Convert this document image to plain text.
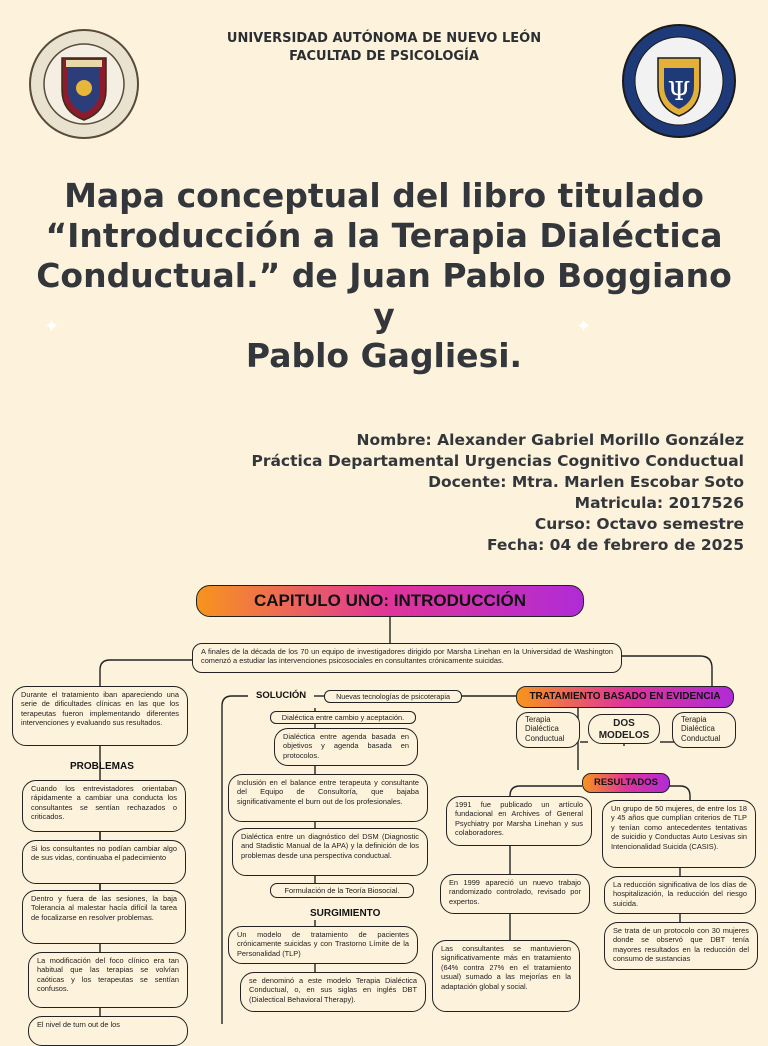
Ψ
UNIVERSIDAD AUTÓNOMA DE NUEVO LEÓN
FACULTAD DE PSICOLOGÍA
Mapa conceptual del libro titulado
“Introducción a la Terapia Dialéctica
Conductual.” de Juan Pablo Boggiano y
Pablo Gagliesi.
✦	✦
Nombre: Alexander Gabriel Morillo González
Práctica Departamental Urgencias Cognitivo Conductual
Docente: Mtra. Marlen Escobar Soto
Matricula: 2017526
Curso: Octavo semestre
Fecha: 04 de febrero de 2025
CAPITULO UNO: INTRODUCCIÓN
A finales de la década de los 70 un equipo de investigadores dirigido por Marsha Linehan en la Universidad de Washington comenzó a estudiar las intervenciones psicosociales en consultantes crónicamente suicidas.
Durante el tratamiento iban apareciendo una serie de dificultades clínicas en las que los terapeutas fueron implementando diferentes intervenciones y evaluando sus resultados.
PROBLEMAS
Cuando los entrevistadores orientaban rápidamente a cambiar una conducta los consultantes se sentían rechazados o criticados.
Si los consultantes no podían cambiar algo de sus vidas, continuaba el padecimiento
Dentro y fuera de las sesiones, la baja Tolerancia al malestar hacía difícil la tarea de focalizarse en resolver problemas.
La modificación del foco clínico era tan habitual que las terapias se volvían caóticas y los terapeutas se sentían confusos.
El nivel de turn out de los
SOLUCIÓN	Nuevas tecnologías de psicoterapia
Dialéctica entre cambio y aceptación.
Dialéctica entre agenda basada en objetivos y agenda basada en protocolos.
Inclusión en el balance entre terapeuta y consultante del Equipo de Consultoría, que bajaba significativamente el burn out de los profesionales.
Dialéctica entre un diagnóstico del DSM (Diagnostic and Stadistic Manual de la APA) y la definición de los problemas desde una perspectiva conductual.
Formulación de la Teoría Biosocial.
SURGIMIENTO
Un modelo de tratamiento de pacientes crónicamente suicidas y con Trastorno Límite de la Personalidad (TLP)
se denominó a este modelo Terapia Dialéctica Conductual, o, en sus siglas en inglés DBT (Dialectical Behavioral Therapy).
TRATAMIENTO BASADO EN EVIDENCIA
Terapia Dialéctica Conductual
DOS MODELOS
Terapia Dialéctica Conductual
RESULTADOS
1991 fue publicado un artículo fundacional en Archives of General Psychiatry por Marsha Linehan y sus colaboradores.
En 1999 apareció un nuevo trabajo randomizado controlado, revisado por expertos.
Las consultantes se mantuvieron significativamente más en tratamiento (64% contra 27% en el tratamiento usual) sumado a las mejorías en la adaptación global y social.
Un grupo de 50 mujeres, de entre los 18 y 45 años que cumplían criterios de TLP y tenían como antecedentes tentativas de suicidio y Conductas Auto Lesivas sin Intencionalidad Suicida (CASIS).
La reducción significativa de los días de hospitalización, la reducción del riesgo suicida.
Se trata de un protocolo con 30 mujeres donde se observó que DBT tenía mayores resultados en la reducción del consumo de sustancias
